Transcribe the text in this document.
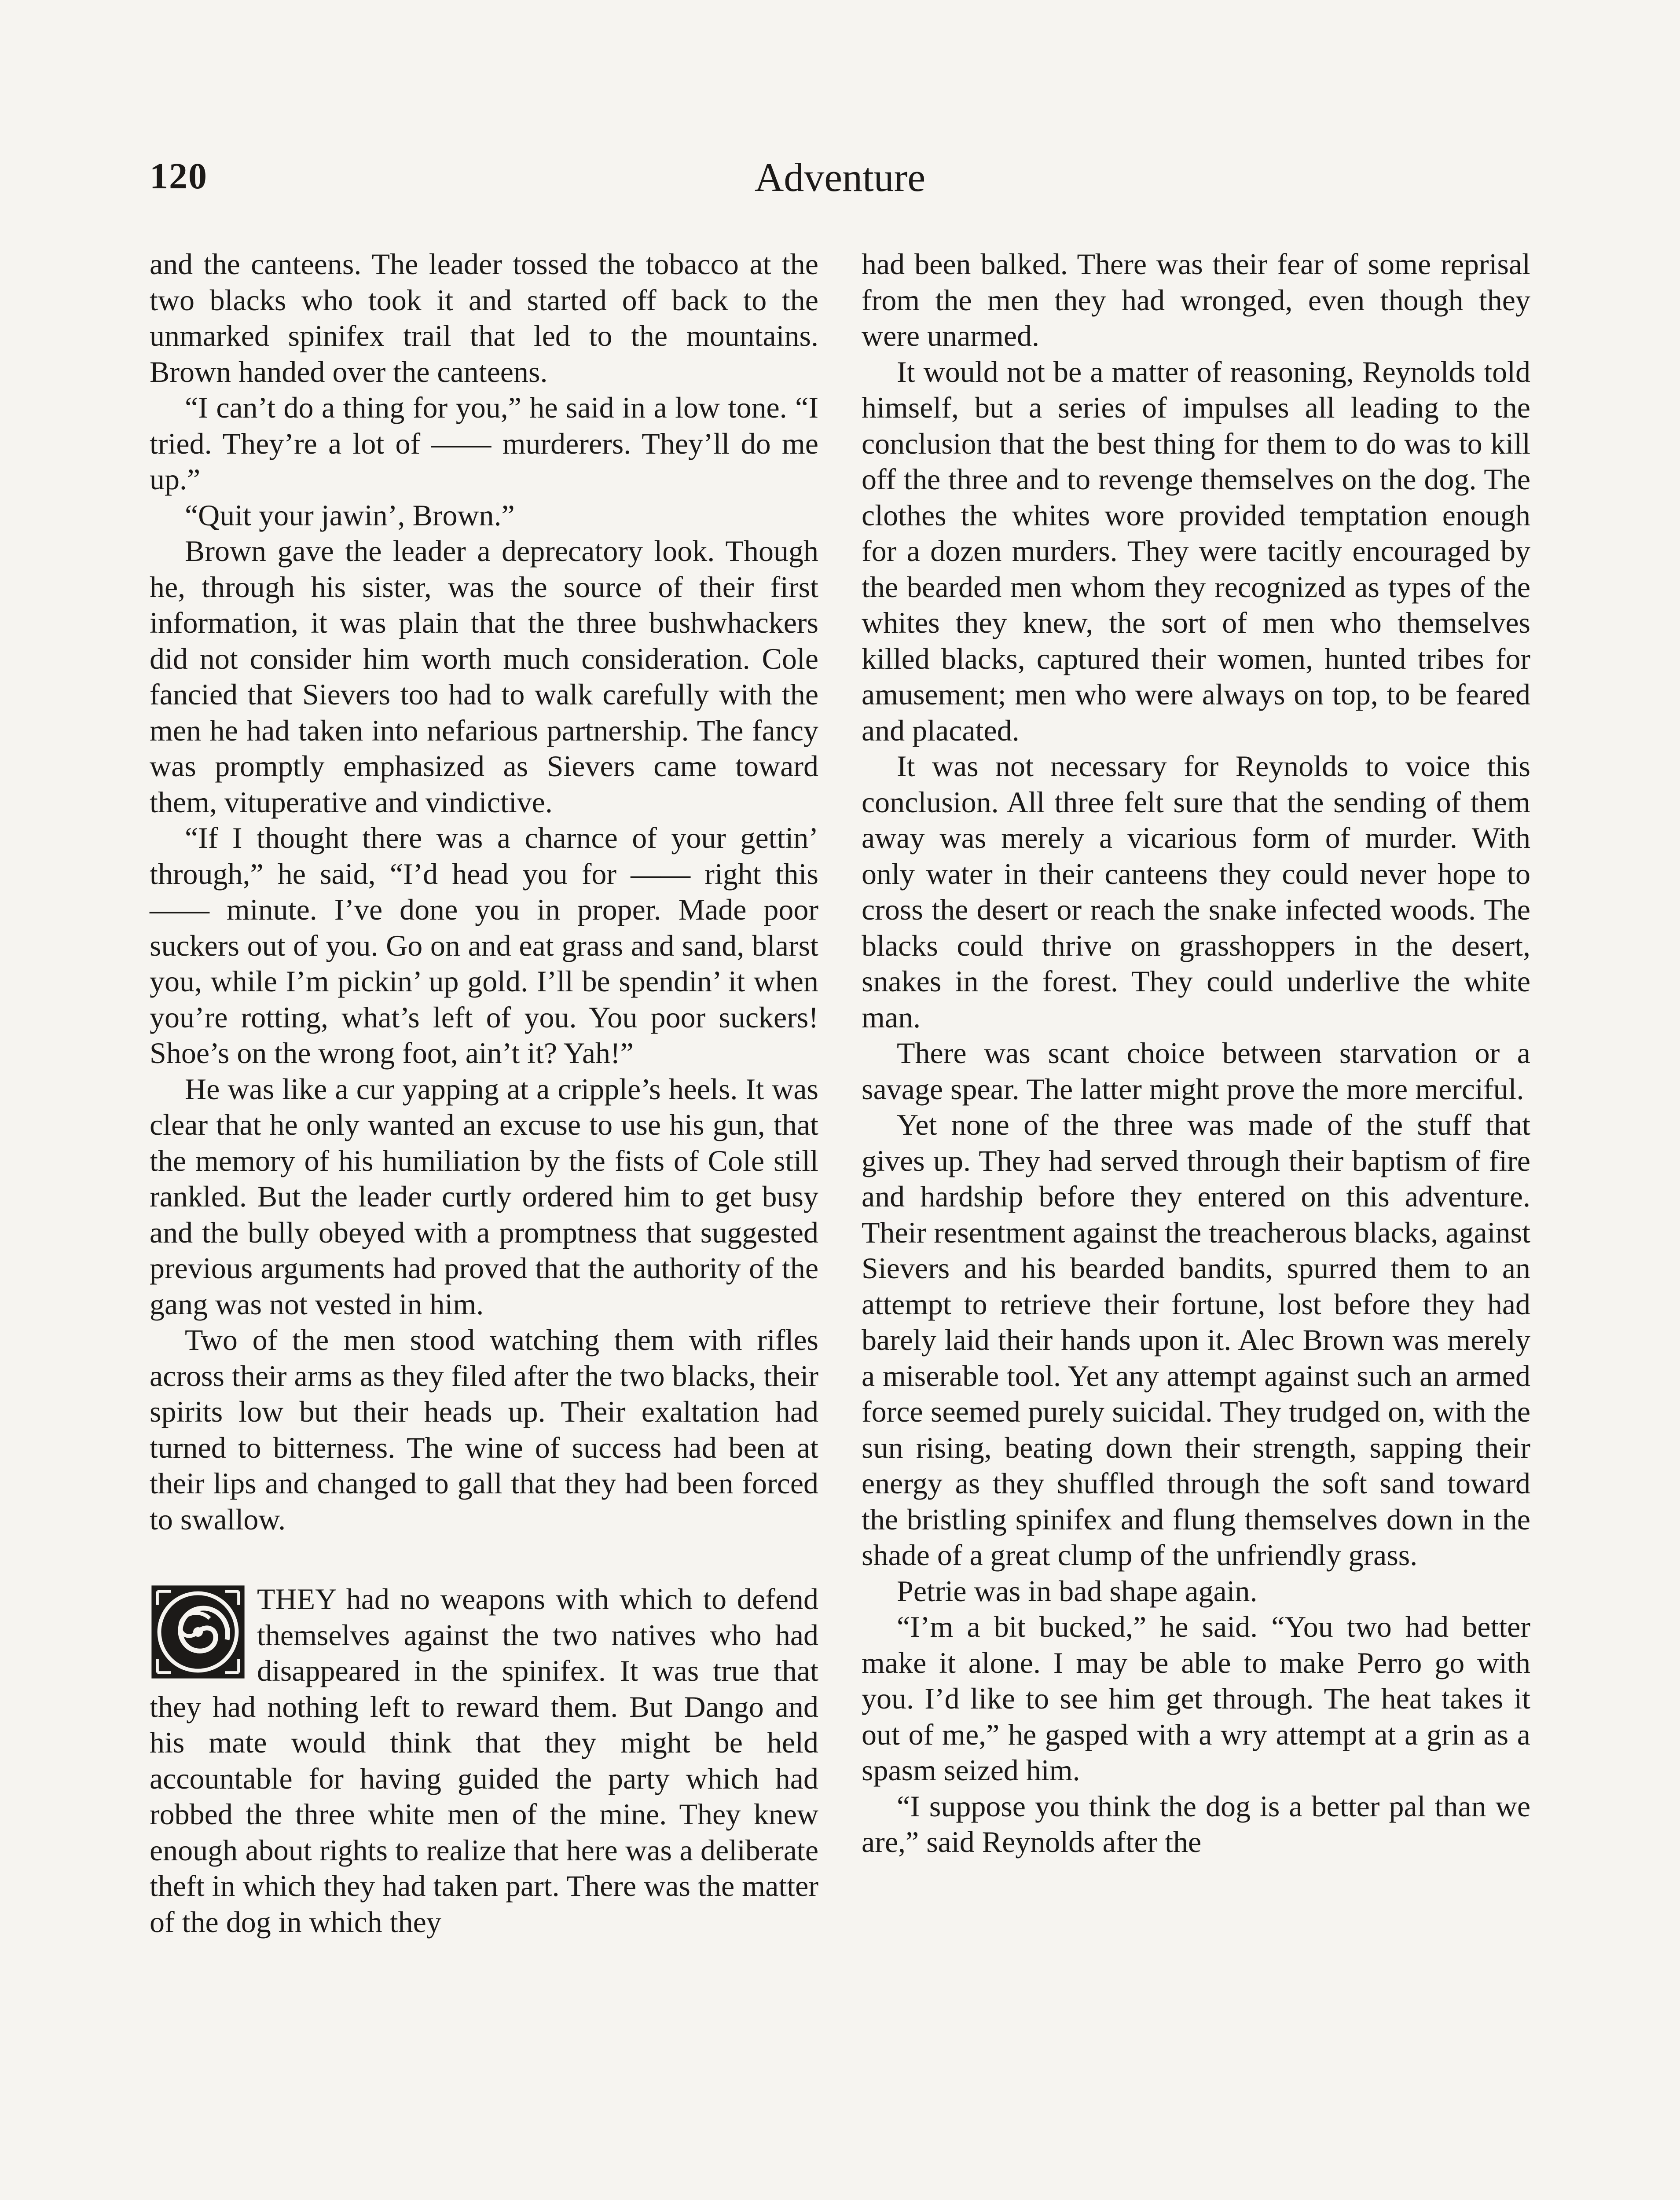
120	Adventure

and the canteens. The leader tossed the tobacco at the two blacks who took it and started off back to the unmarked spinifex trail that led to the mountains. Brown handed over the canteens.

“I can’t do a thing for you,” he said in a low tone. “I tried. They’re a lot of —— murderers. They’ll do me up.”

“Quit your jawin’, Brown.”

Brown gave the leader a deprecatory look. Though he, through his sister, was the source of their first information, it was plain that the three bushwhackers did not consider him worth much consideration. Cole fancied that Sievers too had to walk carefully with the men he had taken into nefarious partnership. The fancy was promptly emphasized as Sievers came toward them, vituperative and vindictive.

“If I thought there was a charnce of your gettin’ through,” he said, “I’d head you for —— right this —— minute. I’ve done you in proper. Made poor suckers out of you. Go on and eat grass and sand, blarst you, while I’m pickin’ up gold. I’ll be spendin’ it when you’re rotting, what’s left of you. You poor suckers! Shoe’s on the wrong foot, ain’t it? Yah!”

He was like a cur yapping at a cripple’s heels. It was clear that he only wanted an excuse to use his gun, that the memory of his humiliation by the fists of Cole still rankled. But the leader curtly ordered him to get busy and the bully obeyed with a promptness that suggested previous arguments had proved that the authority of the gang was not vested in him.

Two of the men stood watching them with rifles across their arms as they filed after the two blacks, their spirits low but their heads up. Their exaltation had turned to bitterness. The wine of success had been at their lips and changed to gall that they had been forced to swallow.

THEY had no weapons with which to defend themselves against the two natives who had disappeared in the spinifex. It was true that they had nothing left to reward them. But Dango and his mate would think that they might be held accountable for having guided the party which had robbed the three white men of the mine. They knew enough about rights to realize that here was a deliberate theft in which they had taken part. There was the matter of the dog in which they

had been balked. There was their fear of some reprisal from the men they had wronged, even though they were unarmed.

It would not be a matter of reasoning, Reynolds told himself, but a series of impulses all leading to the conclusion that the best thing for them to do was to kill off the three and to revenge themselves on the dog. The clothes the whites wore provided temptation enough for a dozen murders. They were tacitly encouraged by the bearded men whom they recognized as types of the whites they knew, the sort of men who themselves killed blacks, captured their women, hunted tribes for amusement; men who were always on top, to be feared and placated.

It was not necessary for Reynolds to voice this conclusion. All three felt sure that the sending of them away was merely a vicarious form of murder. With only water in their canteens they could never hope to cross the desert or reach the snake infected woods. The blacks could thrive on grasshoppers in the desert, snakes in the forest. They could underlive the white man.

There was scant choice between starvation or a savage spear. The latter might prove the more merciful.

Yet none of the three was made of the stuff that gives up. They had served through their baptism of fire and hardship before they entered on this adventure. Their resentment against the treacherous blacks, against Sievers and his bearded bandits, spurred them to an attempt to retrieve their fortune, lost before they had barely laid their hands upon it. Alec Brown was merely a miserable tool. Yet any attempt against such an armed force seemed purely suicidal. They trudged on, with the sun rising, beating down their strength, sapping their energy as they shuffled through the soft sand toward the bristling spinifex and flung themselves down in the shade of a great clump of the unfriendly grass.

Petrie was in bad shape again.

“I’m a bit bucked,” he said. “You two had better make it alone. I may be able to make Perro go with you. I’d like to see him get through. The heat takes it out of me,” he gasped with a wry attempt at a grin as a spasm seized him.

“I suppose you think the dog is a better pal than we are,” said Reynolds after the
